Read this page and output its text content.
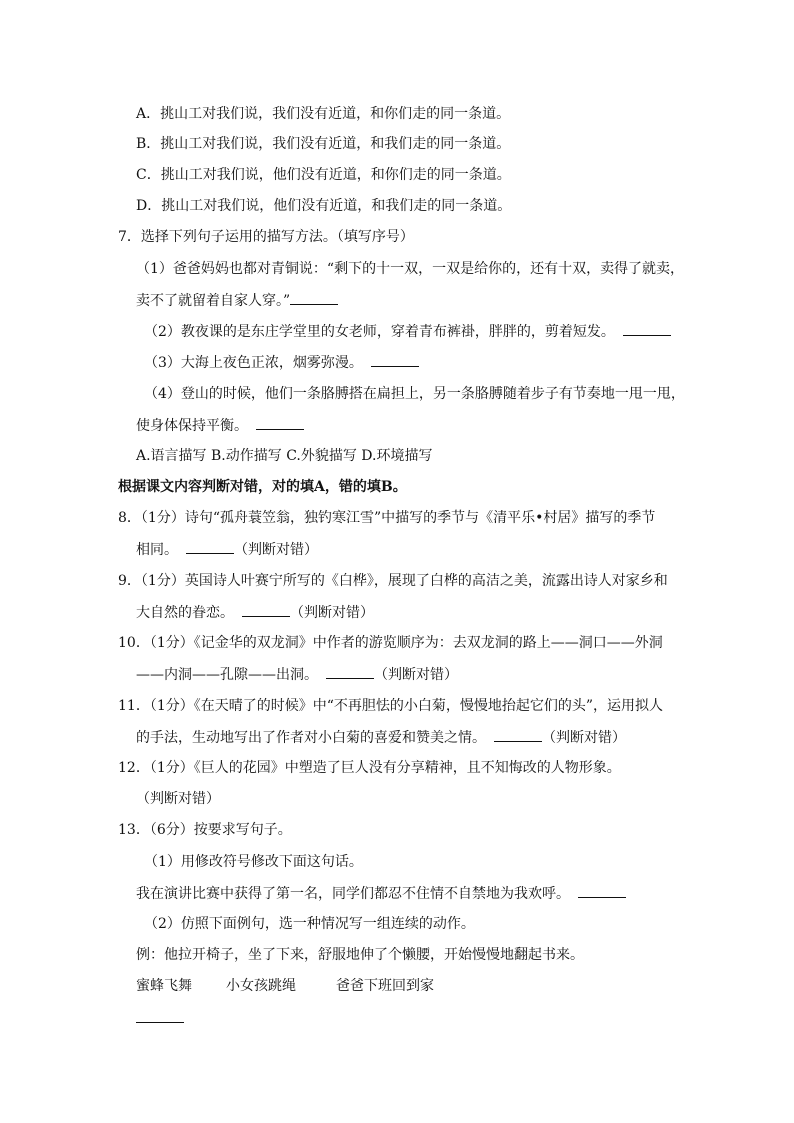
A．挑山工对我们说，我们没有近道，和你们走的同一条道。
B．挑山工对我们说，我们没有近道，和我们走的同一条道。
C．挑山工对我们说，他们没有近道，和你们走的同一条道。
D．挑山工对我们说，他们没有近道，和我们走的同一条道。
7．选择下列句子运用的描写方法。（填写序号）
（1）爸爸妈妈也都对青铜说：“剩下的十一双，一双是给你的，还有十双，卖得了就卖，
卖不了就留着自家人穿。”
（2）教夜课的是东庄学堂里的女老师，穿着青布裤褂，胖胖的，剪着短发。
（3）大海上夜色正浓，烟雾弥漫。
（4）登山的时候，他们一条胳膊搭在扁担上，另一条胳膊随着步子有节奏地一甩一甩，
使身体保持平衡。
A.语言描写 B.动作描写 C.外貌描写 D.环境描写
根据课文内容判断对错，对的填A，错的填B。
8．（1分）诗句“孤舟蓑笠翁，独钓寒江雪”中描写的季节与《清平乐•村居》描写的季节
相同。	（判断对错）
9．（1分）英国诗人叶赛宁所写的《白桦》，展现了白桦的高洁之美，流露出诗人对家乡和
大自然的眷恋。	（判断对错）
10．（1分）《记金华的双龙洞》中作者的游览顺序为：去双龙洞的路上——洞口——外洞
——内洞——孔隙——出洞。	（判断对错）
11．（1分）《在天晴了的时候》中“不再胆怯的小白菊，慢慢地抬起它们的头”，运用拟人
的手法，生动地写出了作者对小白菊的喜爱和赞美之情。	（判断对错）
12．（1分）《巨人的花园》中塑造了巨人没有分享精神，且不知悔改的人物形象。
（判断对错）
13．（6分）按要求写句子。
（1）用修改符号修改下面这句话。
我在演讲比赛中获得了第一名，同学们都忍不住情不自禁地为我欢呼。
（2）仿照下面例句，选一种情况写一组连续的动作。
例：他拉开椅子，坐了下来，舒服地伸了个懒腰，开始慢慢地翻起书来。
蜜蜂飞舞 小女孩跳绳	爸爸下班回到家
